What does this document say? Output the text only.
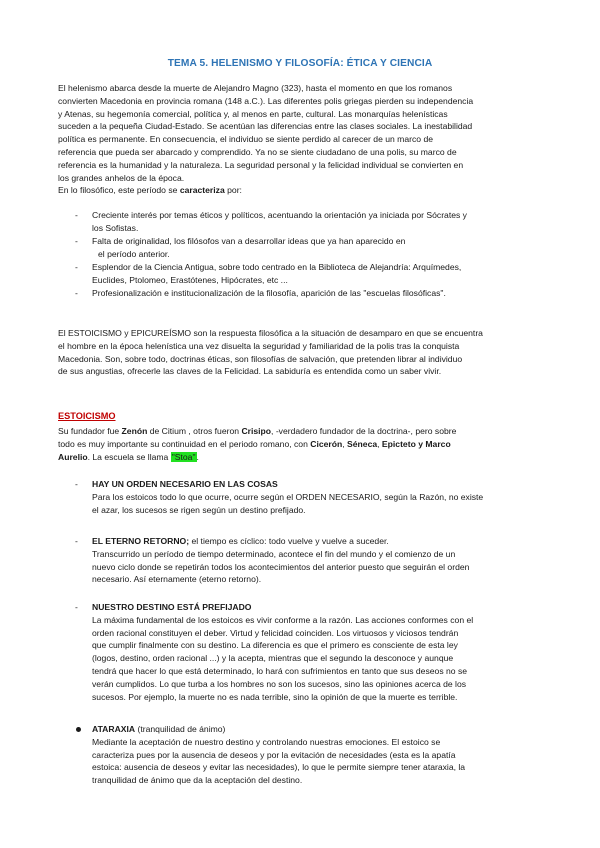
TEMA 5. HELENISMO Y FILOSOFÍA: ÉTICA Y CIENCIA
El helenismo abarca desde la muerte de Alejandro Magno (323), hasta el momento en que los romanos
convierten Macedonia en provincia romana (148 a.C.). Las diferentes polis griegas pierden su independencia
y Atenas, su hegemonía comercial, política y, al menos en parte, cultural. Las monarquías helenísticas
suceden a la pequeña Ciudad-Estado. Se acentúan las diferencias entre las clases sociales. La inestabilidad
política es permanente. En consecuencia, el individuo se siente perdido al carecer de un marco de
referencia que pueda ser abarcado y comprendido. Ya no se siente ciudadano de una polis, su marco de
referencia es la humanidad y la naturaleza. La seguridad personal y la felicidad individual se convierten en
los grandes anhelos de la época.
En lo filosófico, este período se caracteriza por:
- Creciente interés por temas éticos y políticos, acentuando la orientación ya iniciada por Sócrates y
los Sofistas.
- Falta de originalidad, los filósofos van a desarrollar ideas que ya han aparecido en
el período anterior.
- Esplendor de la Ciencia Antigua, sobre todo centrado en la Biblioteca de Alejandría: Arquímedes,
Euclides, Ptolomeo, Erastótenes, Hipócrates, etc ...
- Profesionalización e institucionalización de la filosofía, aparición de las "escuelas filosóficas".
El ESTOICISMO y EPICUREÍSMO son la respuesta filosófica a la situación de desamparo en que se encuentra
el hombre en la época helenística una vez disuelta la seguridad y familiaridad de la polis tras la conquista
Macedonia. Son, sobre todo, doctrinas éticas, son filosofías de salvación, que pretenden librar al individuo
de sus angustias, ofrecerle las claves de la Felicidad. La sabiduría es entendida como un saber vivir.
ESTOICISMO
Su fundador fue Zenón de Citium , otros fueron Crisipo, -verdadero fundador de la doctrina-, pero sobre
todo es muy importante su continuidad en el periodo romano, con Cicerón, Séneca, Epicteto y Marco
Aurelio. La escuela se llama "Stoa".
- HAY UN ORDEN NECESARIO EN LAS COSAS
Para los estoicos todo lo que ocurre, ocurre según el ORDEN NECESARIO, según la Razón, no existe
el azar, los sucesos se rigen según un destino prefijado.
- EL ETERNO RETORNO; el tiempo es cíclico: todo vuelve y vuelve a suceder.
Transcurrido un período de tiempo determinado, acontece el fin del mundo y el comienzo de un
nuevo ciclo donde se repetirán todos los acontecimientos del anterior puesto que seguirán el orden
necesario. Así eternamente (eterno retorno).
- NUESTRO DESTINO ESTÁ PREFIJADO
La máxima fundamental de los estoicos es vivir conforme a la razón. Las acciones conformes con el
orden racional constituyen el deber. Virtud y felicidad coinciden. Los virtuosos y viciosos tendrán
que cumplir finalmente con su destino. La diferencia es que el primero es consciente de esta ley
(logos, destino, orden racional ...) y la acepta, mientras que el segundo la desconoce y aunque
tendrá que hacer lo que está determinado, lo hará con sufrimientos en tanto que sus deseos no se
verán cumplidos. Lo que turba a los hombres no son los sucesos, sino las opiniones acerca de los
sucesos. Por ejemplo, la muerte no es nada terrible, sino la opinión de que la muerte es terrible.
ATARAXIA (tranquilidad de ánimo)
Mediante la aceptación de nuestro destino y controlando nuestras emociones. El estoico se
caracteriza pues por la ausencia de deseos y por la evitación de necesidades (esta es la apatía
estoica: ausencia de deseos y evitar las necesidades), lo que le permite siempre tener ataraxia, la
tranquilidad de ánimo que da la aceptación del destino.
